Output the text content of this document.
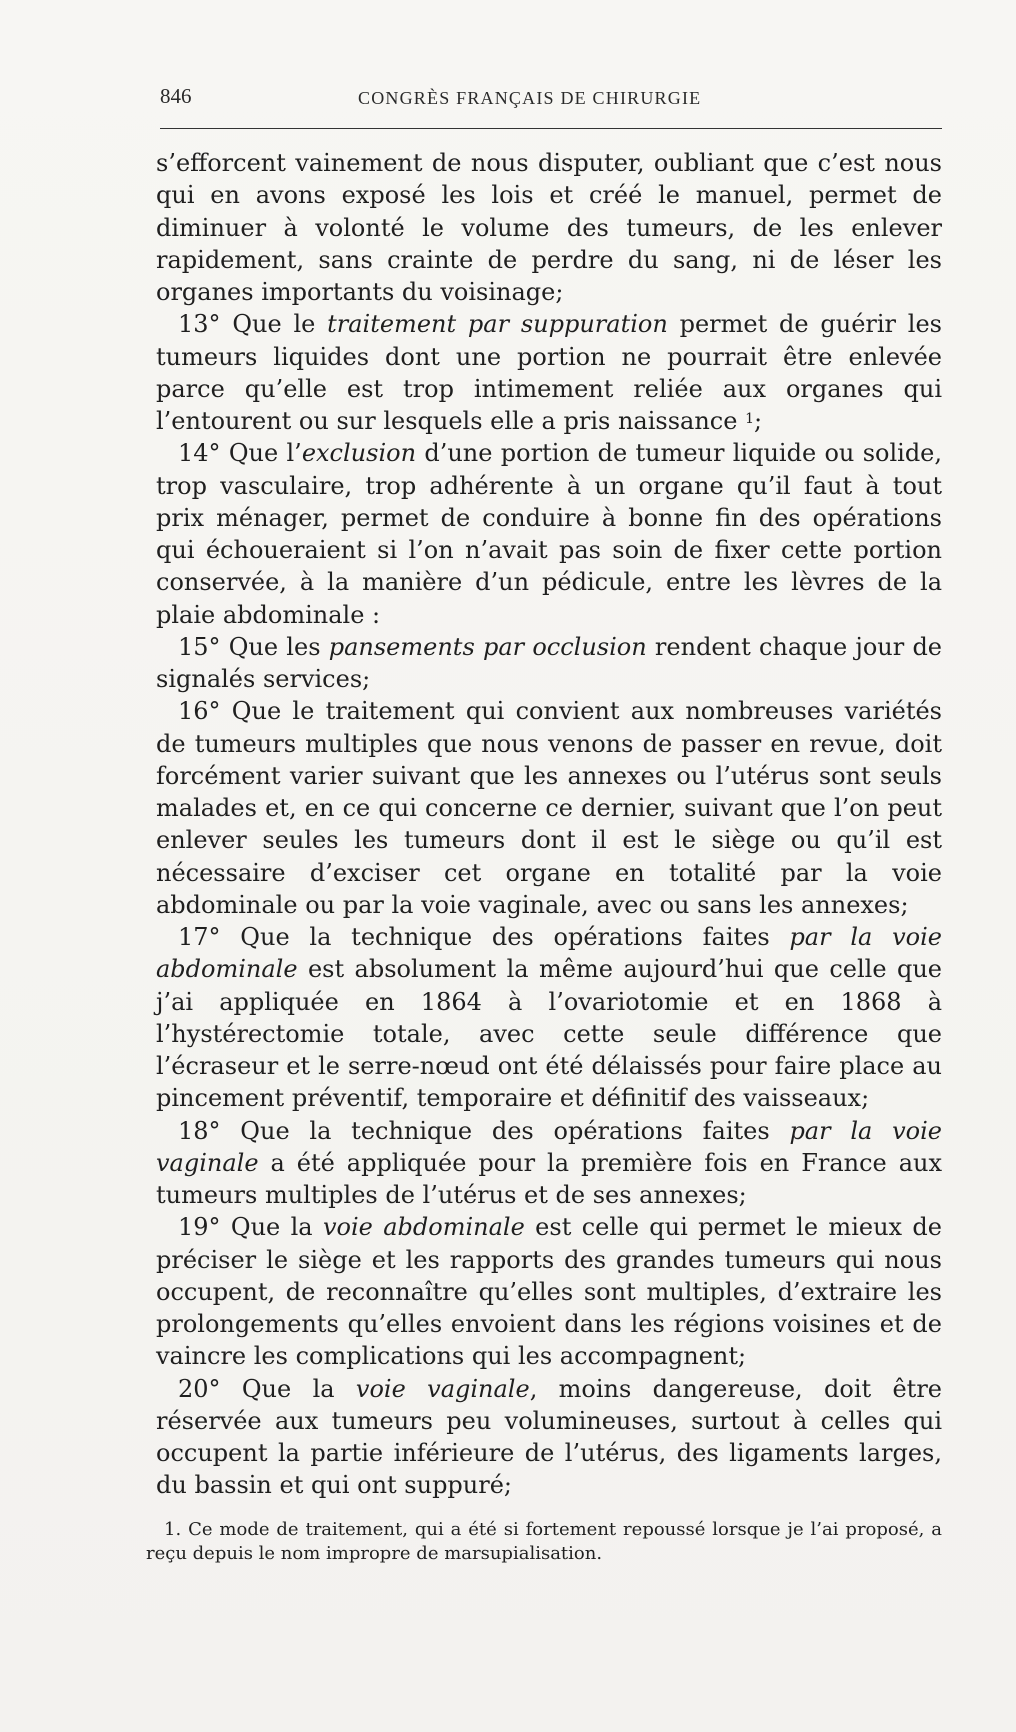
846	CONGRÈS FRANÇAIS DE CHIRURGIE

s’efforcent vainement de nous disputer, oubliant que c’est nous qui en avons exposé les lois et créé le manuel, permet de diminuer à volonté le volume des tumeurs, de les enlever rapidement, sans crainte de perdre du sang, ni de léser les organes importants du voisinage;

13° Que le traitement par suppuration permet de guérir les tumeurs liquides dont une portion ne pourrait être enlevée parce qu’elle est trop intimement reliée aux organes qui l’entourent ou sur lesquels elle a pris naissance $^1$;

14° Que l’exclusion d’une portion de tumeur liquide ou solide, trop vasculaire, trop adhérente à un organe qu’il faut à tout prix ménager, permet de conduire à bonne fin des opérations qui échoueraient si l’on n’avait pas soin de fixer cette portion conservée, à la manière d’un pédicule, entre les lèvres de la plaie abdominale :

15° Que les pansements par occlusion rendent chaque jour de signalés services;

16° Que le traitement qui convient aux nombreuses variétés de tumeurs multiples que nous venons de passer en revue, doit forcément varier suivant que les annexes ou l’utérus sont seuls malades et, en ce qui concerne ce dernier, suivant que l’on peut enlever seules les tumeurs dont il est le siège ou qu’il est nécessaire d’exciser cet organe en totalité par la voie abdominale ou par la voie vaginale, avec ou sans les annexes;

17° Que la technique des opérations faites par la voie abdominale est absolument la même aujourd’hui que celle que j’ai appliquée en 1864 à l’ovariotomie et en 1868 à l’hystérectomie totale, avec cette seule différence que l’écraseur et le serre-nœud ont été délaissés pour faire place au pincement préventif, temporaire et définitif des vaisseaux;

18° Que la technique des opérations faites par la voie vaginale a été appliquée pour la première fois en France aux tumeurs multiples de l’utérus et de ses annexes;

19° Que la voie abdominale est celle qui permet le mieux de préciser le siège et les rapports des grandes tumeurs qui nous occupent, de reconnaître qu’elles sont multiples, d’extraire les prolongements qu’elles envoient dans les régions voisines et de vaincre les complications qui les accompagnent;

20° Que la voie vaginale, moins dangereuse, doit être réservée aux tumeurs peu volumineuses, surtout à celles qui occupent la partie inférieure de l’utérus, des ligaments larges, du bassin et qui ont suppuré;

1. Ce mode de traitement, qui a été si fortement repoussé lorsque je l’ai proposé, a reçu depuis le nom impropre de marsupialisation.
